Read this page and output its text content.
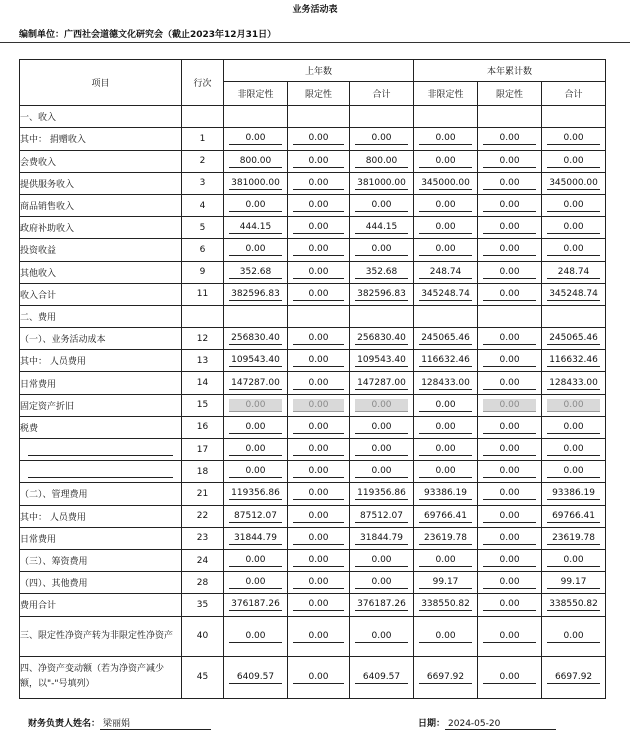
业务活动表
编制单位：广西社会道德文化研究会（截止2023年12月31日）
项目	行次	上年数			本年累计数		
		非限定性	限定性	合计	非限定性	限定性	合计
一、收入							
其中： 捐赠收入	1	0.00	0.00	0.00	0.00	0.00	0.00

会费收入	2	800.00	0.00	800.00	0.00	0.00	0.00

提供服务收入	3	381000.00	0.00	381000.00	345000.00	0.00	345000.00

商品销售收入	4	0.00	0.00	0.00	0.00	0.00	0.00

政府补助收入	5	444.15	0.00	444.15	0.00	0.00	0.00

投资收益	6	0.00	0.00	0.00	0.00	0.00	0.00

其他收入	9	352.68	0.00	352.68	248.74	0.00	248.74

收入合计	11	382596.83	0.00	382596.83	345248.74	0.00	345248.74

二、费用							
（一）、业务活动成本	12	256830.40	0.00	256830.40	245065.46	0.00	245065.46

其中： 人员费用	13	109543.40	0.00	109543.40	116632.46	0.00	116632.46

日常费用	14	147287.00	0.00	147287.00	128433.00	0.00	128433.00

固定资产折旧	15	0.00	0.00	0.00	0.00	0.00	0.00

税费	16	0.00	0.00	0.00	0.00	0.00	0.00

	17	0.00	0.00	0.00	0.00	0.00	0.00

	18	0.00	0.00	0.00	0.00	0.00	0.00

（二）、管理费用	21	119356.86	0.00	119356.86	93386.19	0.00	93386.19

其中： 人员费用	22	87512.07	0.00	87512.07	69766.41	0.00	69766.41

日常费用	23	31844.79	0.00	31844.79	23619.78	0.00	23619.78

（三）、筹资费用	24	0.00	0.00	0.00	0.00	0.00	0.00

（四）、其他费用	28	0.00	0.00	0.00	99.17	0.00	99.17

费用合计	35	376187.26	0.00	376187.26	338550.82	0.00	338550.82

三、限定性净资产转为非限定性净资产	40	0.00	0.00	0.00	0.00	0.00	0.00

四、净资产变动额（若为净资产减少额，以"-"号填列）	45	6409.57	0.00	6409.57	6697.92	0.00	6697.92
财务负责人姓名： 梁丽娟	日期： 2024-05-20
